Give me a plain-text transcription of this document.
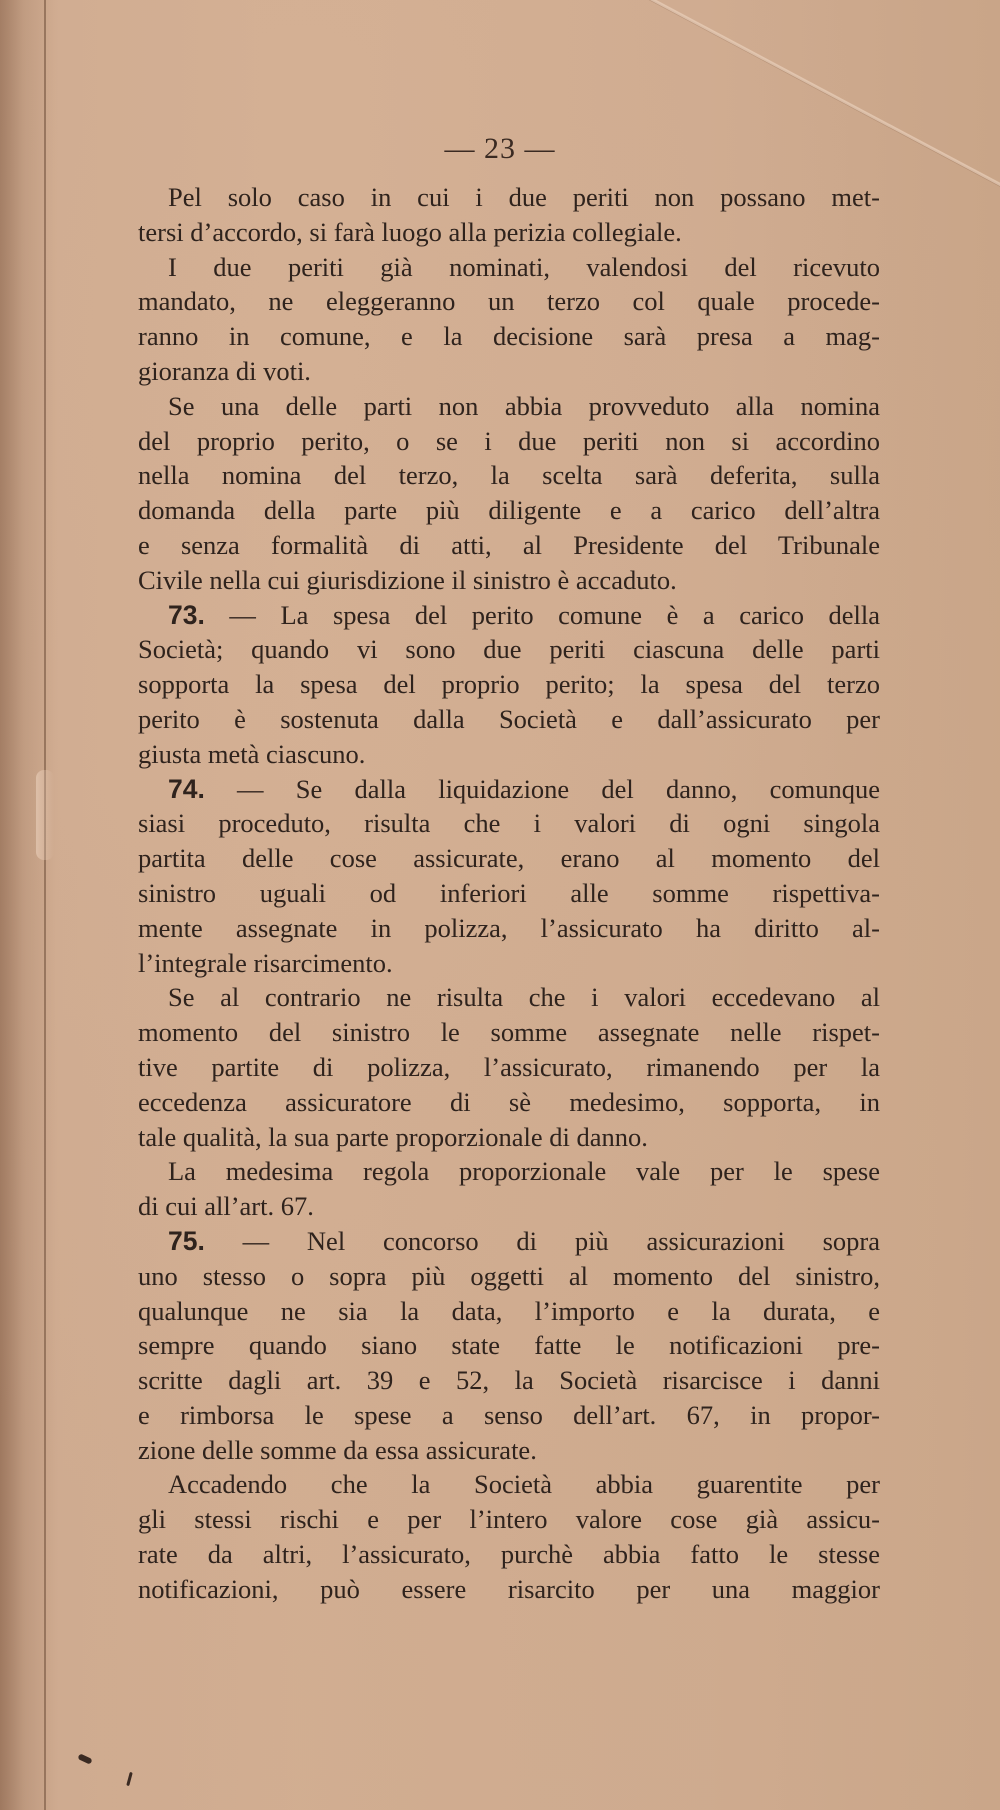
— 23 —
Pel solo caso in cui i due periti non possano met-
tersi d’accordo, si farà luogo alla perizia collegiale.
I due periti già nominati, valendosi del ricevuto
mandato, ne eleggeranno un terzo col quale procede-
ranno in comune, e la decisione sarà presa a mag-
gioranza di voti.
Se una delle parti non abbia provveduto alla nomina
del proprio perito, o se i due periti non si accordino
nella nomina del terzo, la scelta sarà deferita, sulla
domanda della parte più diligente e a carico dell’altra
e senza formalità di atti, al Presidente del Tribunale
Civile nella cui giurisdizione il sinistro è accaduto.
73. — La spesa del perito comune è a carico della
Società; quando vi sono due periti ciascuna delle parti
sopporta la spesa del proprio perito; la spesa del terzo
perito è sostenuta dalla Società e dall’assicurato per
giusta metà ciascuno.
74. — Se dalla liquidazione del danno, comunque
siasi proceduto, risulta che i valori di ogni singola
partita delle cose assicurate, erano al momento del
sinistro uguali od inferiori alle somme rispettiva-
mente assegnate in polizza, l’assicurato ha diritto al-
l’integrale risarcimento.
Se al contrario ne risulta che i valori eccedevano al
momento del sinistro le somme assegnate nelle rispet-
tive partite di polizza, l’assicurato, rimanendo per la
eccedenza assicuratore di sè medesimo, sopporta, in
tale qualità, la sua parte proporzionale di danno.
La medesima regola proporzionale vale per le spese
di cui all’art. 67.
75. — Nel concorso di più assicurazioni sopra
uno stesso o sopra più oggetti al momento del sinistro,
qualunque ne sia la data, l’importo e la durata, e
sempre quando siano state fatte le notificazioni pre-
scritte dagli art. 39 e 52, la Società risarcisce i danni
e rimborsa le spese a senso dell’art. 67, in propor-
zione delle somme da essa assicurate.
Accadendo che la Società abbia guarentite per
gli stessi rischi e per l’intero valore cose già assicu-
rate da altri, l’assicurato, purchè abbia fatto le stesse
notificazioni, può essere risarcito per una maggior
